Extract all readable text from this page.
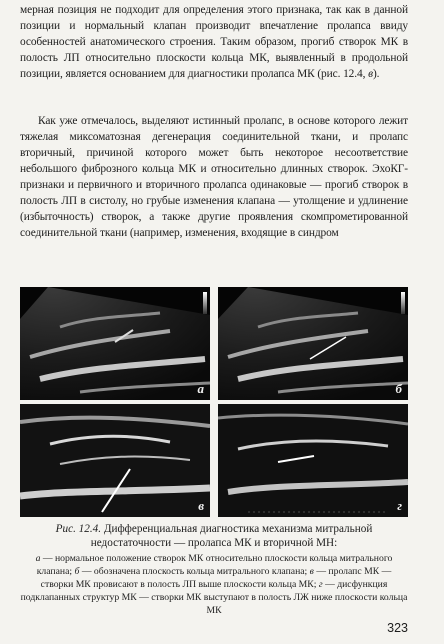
мерная позиция не подходит для определения этого признака, так как в данной позиции и нормальный клапан производит впечатление пролапса ввиду особенностей анатомического строения. Таким образом, прогиб створок МК в полость ЛП относительно плоскости кольца МК, выявленный в продольной позиции, является основанием для диагностики пролапса МК (рис. 12.4, в).

Как уже отмечалось, выделяют истинный пролапс, в основе которого лежит тяжелая миксоматозная дегенерация соединительной ткани, и пролапс вторичный, причиной которого может быть некоторое несоответствие небольшого фиброзного кольца МК и относительно длинных створок. ЭхоКГ-признаки и первичного и вторичного пролапса одинаковые — прогиб створок в полость ЛП в систолу, но грубые изменения клапана — утолщение и удлинение (избыточность) створок, а также другие проявления скомпрометированной соединительной ткани (например, изменения, входящие в синдром

а	б
в	г

Рис. 12.4. Дифференциальная диагностика механизма митральной недостаточности — пролапса МК и вторичной МН:

а — нормальное положение створок МК относительно плоскости кольца митрального клапана; б — обозначена плоскость кольца митрального клапана; в — пролапс МК — створки МК провисают в полость ЛП выше плоскости кольца МК; г — дисфункция подклапанных структур МК — створки МК выступают в полость ЛЖ ниже плоскости кольца МК

323
